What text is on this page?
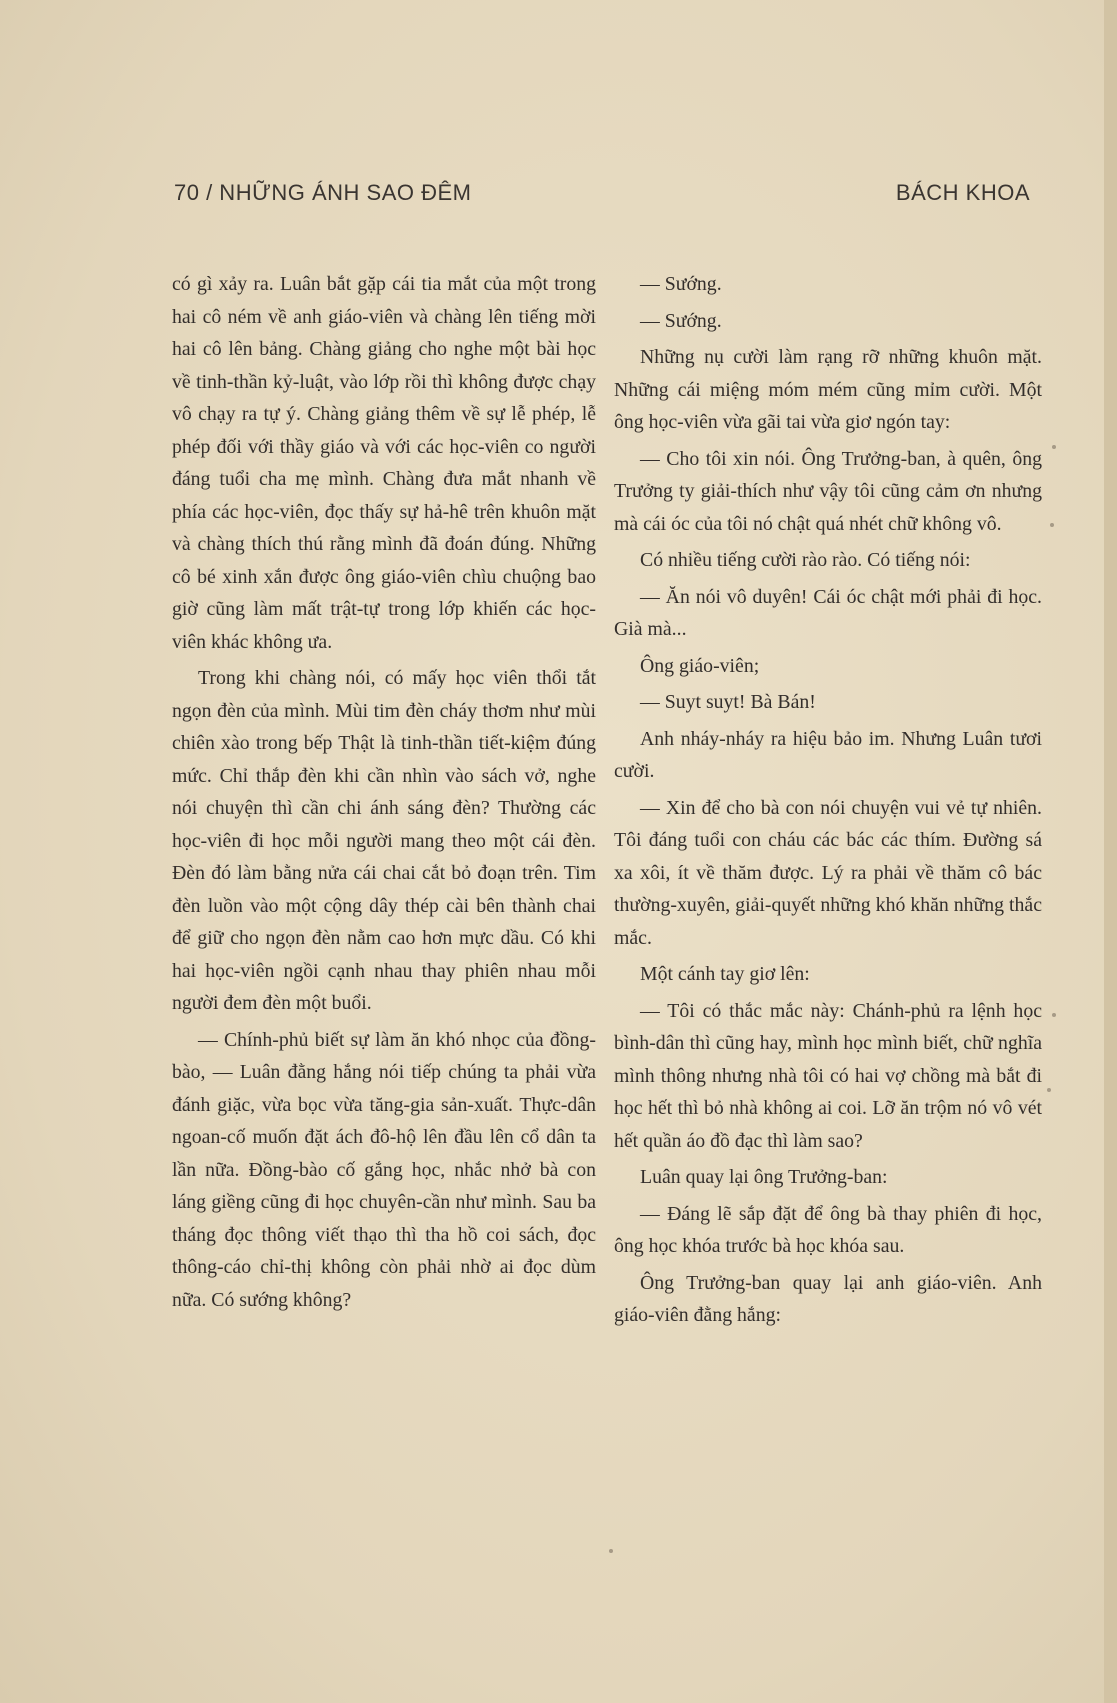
70 / NHỮNG ÁNH SAO ĐÊM	BÁCH KHOA

có gì xảy ra. Luân bắt gặp cái tia mắt của một trong hai cô ném về anh giáo-viên và chàng lên tiếng mời hai cô lên bảng. Chàng giảng cho nghe một bài học về tinh-thần kỷ-luật, vào lớp rồi thì không được chạy vô chạy ra tự ý. Chàng giảng thêm về sự lễ phép, lễ phép đối với thầy giáo và với các học-viên co người đáng tuổi cha mẹ mình. Chàng đưa mắt nhanh về phía các học-viên, đọc thấy sự hả-hê trên khuôn mặt và chàng thích thú rằng mình đã đoán đúng. Những cô bé xinh xắn được ông giáo-viên chìu chuộng bao giờ cũng làm mất trật-tự trong lớp khiến các học-viên khác không ưa.

Trong khi chàng nói, có mấy học viên thổi tắt ngọn đèn của mình. Mùi tim đèn cháy thơm như mùi chiên xào trong bếp Thật là tinh-thần tiết-kiệm đúng mức. Chỉ thắp đèn khi cần nhìn vào sách vở, nghe nói chuyện thì cần chi ánh sáng đèn? Thường các học-viên đi học mỗi người mang theo một cái đèn. Đèn đó làm bằng nửa cái chai cắt bỏ đoạn trên. Tim đèn luồn vào một cộng dây thép cài bên thành chai để giữ cho ngọn đèn nằm cao hơn mực dầu. Có khi hai học-viên ngồi cạnh nhau thay phiên nhau mỗi người đem đèn một buổi.

— Chính-phủ biết sự làm ăn khó nhọc của đồng-bào, — Luân đằng hắng nói tiếp chúng ta phải vừa đánh giặc, vừa bọc vừa tăng-gia sản-xuất. Thực-dân ngoan-cố muốn đặt ách đô-hộ lên đầu lên cổ dân ta lần nữa. Đồng-bào cố gắng học, nhắc nhở bà con láng giềng cũng đi học chuyên-cần như mình. Sau ba tháng đọc thông viết thạo thì tha hồ coi sách, đọc thông-cáo chỉ-thị không còn phải nhờ ai đọc dùm nữa. Có sướng không?

— Sướng.

— Sướng.

Những nụ cười làm rạng rỡ những khuôn mặt. Những cái miệng móm mém cũng mỉm cười. Một ông học-viên vừa gãi tai vừa giơ ngón tay:

— Cho tôi xin nói. Ông Trưởng-ban, à quên, ông Trưởng ty giải-thích như vậy tôi cũng cảm ơn nhưng mà cái óc của tôi nó chật quá nhét chữ không vô.

Có nhiều tiếng cười rào rào. Có tiếng nói:

— Ăn nói vô duyên! Cái óc chật mới phải đi học. Già mà...

Ông giáo-viên;

— Suyt suyt! Bà Bán!

Anh nháy-nháy ra hiệu bảo im. Nhưng Luân tươi cười.

— Xin để cho bà con nói chuyện vui vẻ tự nhiên. Tôi đáng tuổi con cháu các bác các thím. Đường sá xa xôi, ít về thăm được. Lý ra phải về thăm cô bác thường-xuyên, giải-quyết những khó khăn những thắc mắc.

Một cánh tay giơ lên:

— Tôi có thắc mắc này: Chánh-phủ ra lệnh học bình-dân thì cũng hay, mình học mình biết, chữ nghĩa mình thông nhưng nhà tôi có hai vợ chồng mà bắt đi học hết thì bỏ nhà không ai coi. Lỡ ăn trộm nó vô vét hết quần áo đồ đạc thì làm sao?

Luân quay lại ông Trưởng-ban:

— Đáng lẽ sắp đặt để ông bà thay phiên đi học, ông học khóa trước bà học khóa sau.

Ông Trưởng-ban quay lại anh giáo-viên. Anh giáo-viên đằng hắng:
